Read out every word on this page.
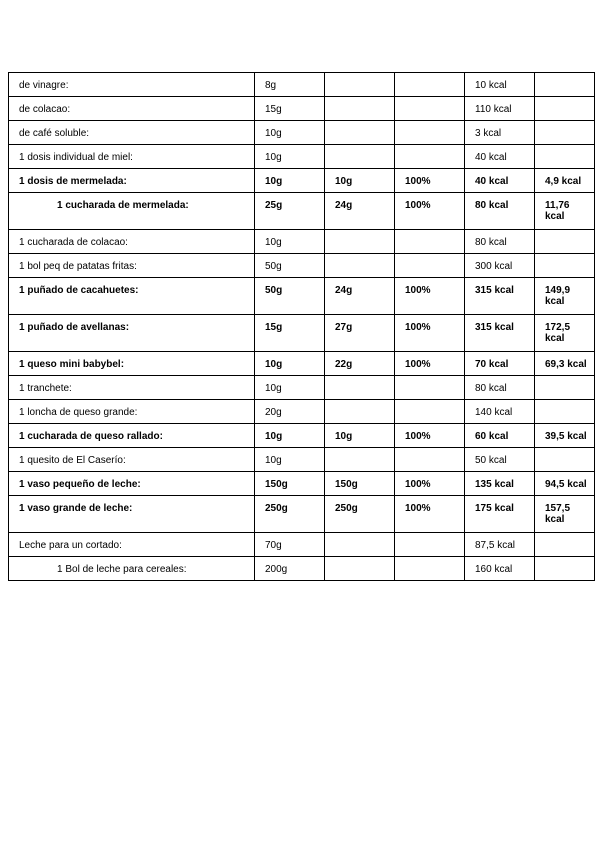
de vinagre:	8g			10 kcal	
de colacao:	15g			110 kcal	
de café soluble:	10g			3 kcal	
1 dosis individual de miel:	10g			40 kcal	
1 dosis de mermelada:	10g	10g	100%	40 kcal	4,9 kcal
1 cucharada de mermelada:	25g	24g	100%	80 kcal	11,76 kcal
1 cucharada de colacao:	10g			80 kcal	
1 bol peq de patatas fritas:	50g			300 kcal	
1 puñado de cacahuetes:	50g	24g	100%	315 kcal	149,9 kcal
1 puñado de avellanas:	15g	27g	100%	315 kcal	172,5 kcal
1 queso mini babybel:	10g	22g	100%	70 kcal	69,3 kcal
1 tranchete:	10g			80 kcal	
1 loncha de queso grande:	20g			140 kcal	
1 cucharada de queso rallado:	10g	10g	100%	60 kcal	39,5 kcal
1 quesito de El Caserío:	10g			50 kcal	
1 vaso pequeño de leche:	150g	150g	100%	135 kcal	94,5 kcal
1 vaso grande de leche:	250g	250g	100%	175 kcal	157,5 kcal
Leche para un cortado:	70g			87,5 kcal	
1 Bol de leche para cereales:	200g			160 kcal	
